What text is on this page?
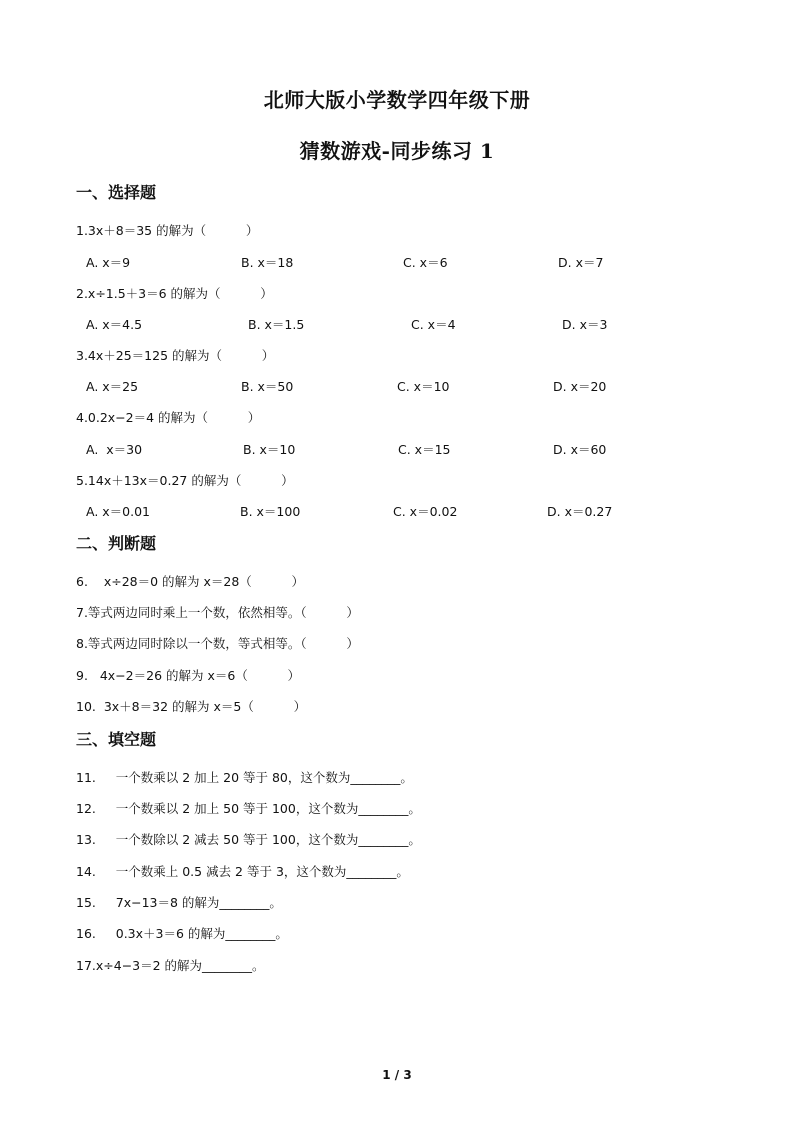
北师大版小学数学四年级下册
猜数游戏-同步练习 1
一、选择题
1.3x＋8＝35 的解为（          ）
A. x＝9	B. x＝18	C. x＝6	D. x＝7
2.x÷1.5＋3＝6 的解为（          ）
A. x＝4.5	B. x＝1.5	C. x＝4	D. x＝3
3.4x＋25＝125 的解为（          ）
A. x＝25	B. x＝50	C. x＝10	D. x＝20
4.0.2x−2＝4 的解为（          ）
A.  x＝30	B. x＝10	C. x＝15	D. x＝60
5.14x＋13x＝0.27 的解为（          ）
A. x＝0.01	B. x＝100	C. x＝0.02	D. x＝0.27
二、判断题
6.    x÷28＝0 的解为 x＝28（          ）
7.等式两边同时乘上一个数，依然相等。（          ）
8.等式两边同时除以一个数，等式相等。（          ）
9.   4x−2＝26 的解为 x＝6（          ）
10.  3x＋8＝32 的解为 x＝5（          ）
三、填空题
11.     一个数乘以 2 加上 20 等于 80，这个数为________。
12.     一个数乘以 2 加上 50 等于 100，这个数为________。
13.     一个数除以 2 减去 50 等于 100，这个数为________。
14.     一个数乘上 0.5 减去 2 等于 3，这个数为________。
15.     7x−13＝8 的解为________。
16.     0.3x＋3＝6 的解为________。
17.x÷4−3＝2 的解为________。
1 / 3
